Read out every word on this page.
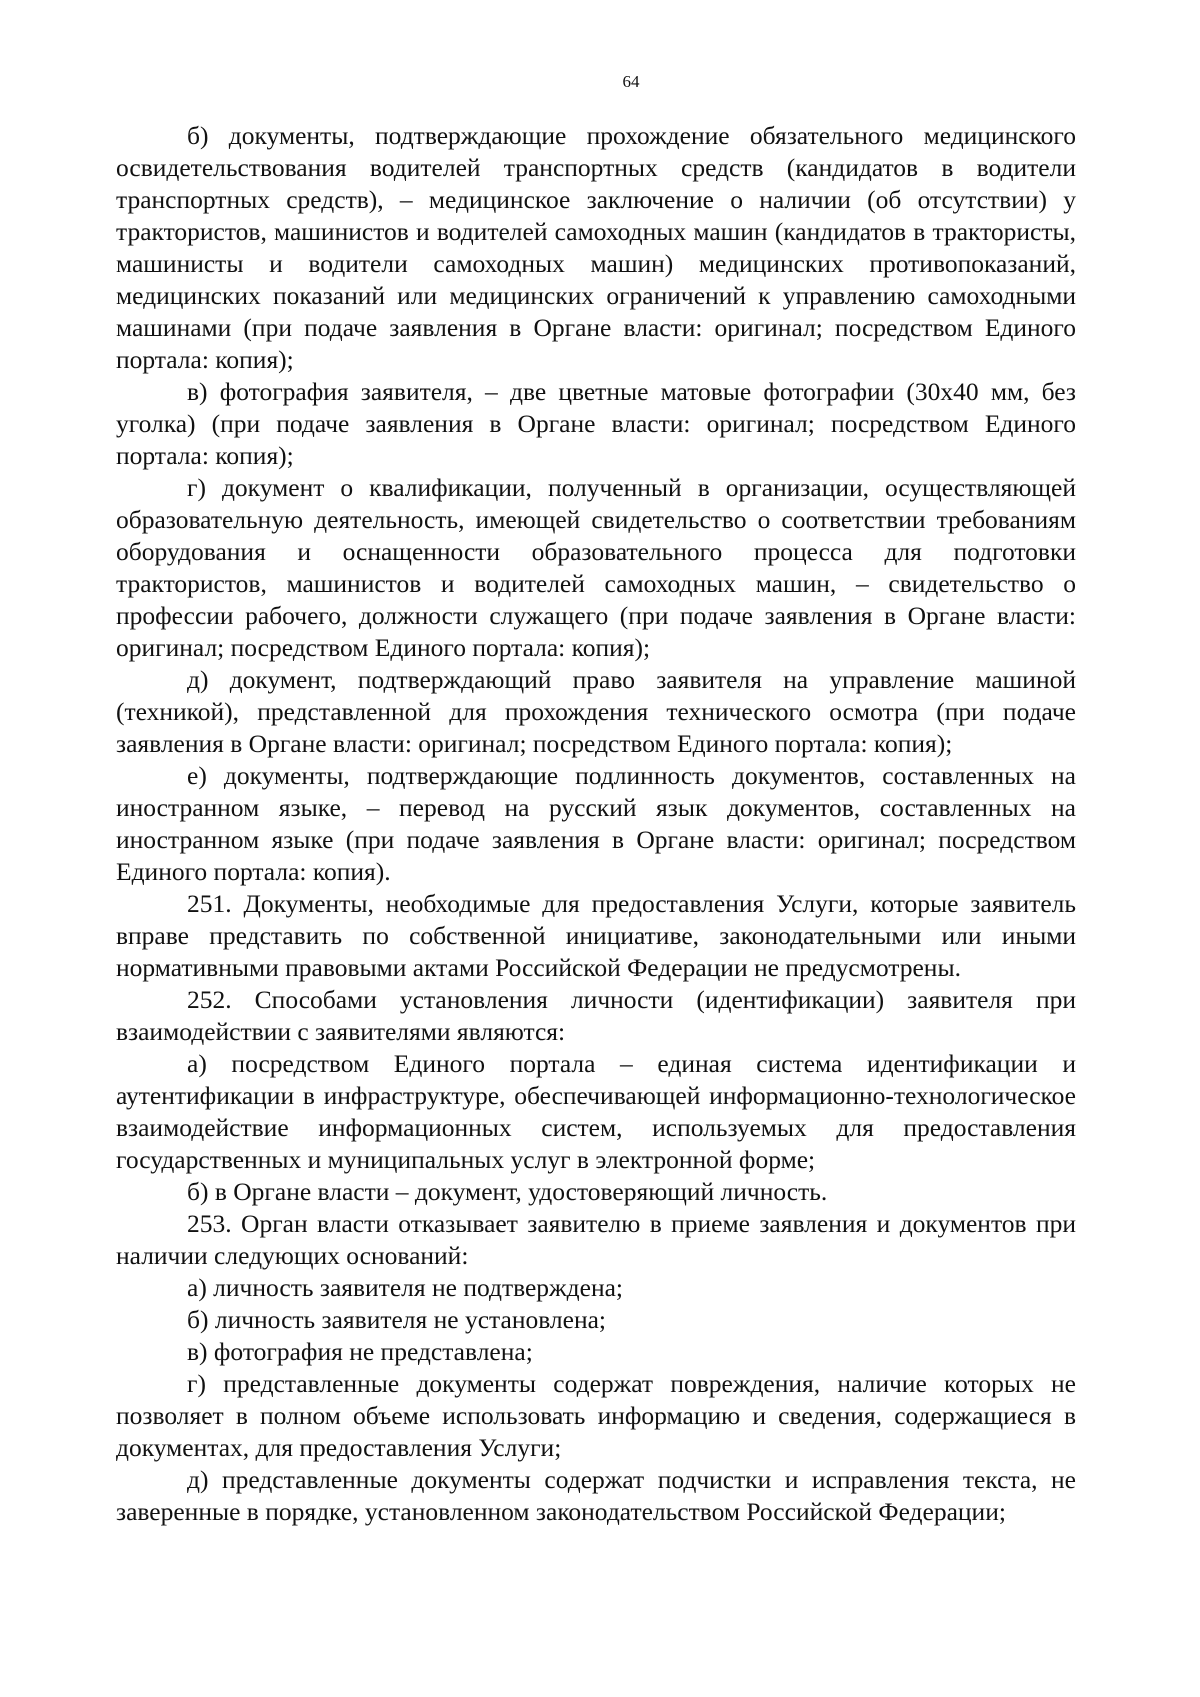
64

б) документы, подтверждающие прохождение обязательного медицинского освидетельствования водителей транспортных средств (кандидатов в водители транспортных средств), – медицинское заключение о наличии (об отсутствии) у трактористов, машинистов и водителей самоходных машин (кандидатов в трактористы, машинисты и водители самоходных машин) медицинских противопоказаний, медицинских показаний или медицинских ограничений к управлению самоходными машинами (при подаче заявления в Органе власти: оригинал; посредством Единого портала: копия);

в) фотография заявителя, – две цветные матовые фотографии (30x40 мм, без уголка) (при подаче заявления в Органе власти: оригинал; посредством Единого портала: копия);

г) документ о квалификации, полученный в организации, осуществляющей образовательную деятельность, имеющей свидетельство о соответствии требованиям оборудования и оснащенности образовательного процесса для подготовки трактористов, машинистов и водителей самоходных машин, – свидетельство о профессии рабочего, должности служащего (при подаче заявления в Органе власти: оригинал; посредством Единого портала: копия);

д) документ, подтверждающий право заявителя на управление машиной (техникой), представленной для прохождения технического осмотра (при подаче заявления в Органе власти: оригинал; посредством Единого портала: копия);

е) документы, подтверждающие подлинность документов, составленных на иностранном языке, – перевод на русский язык документов, составленных на иностранном языке (при подаче заявления в Органе власти: оригинал; посредством Единого портала: копия).

251. Документы, необходимые для предоставления Услуги, которые заявитель вправе представить по собственной инициативе, законодательными или иными нормативными правовыми актами Российской Федерации не предусмотрены.

252. Способами установления личности (идентификации) заявителя при взаимодействии с заявителями являются:

а) посредством Единого портала – единая система идентификации и аутентификации в инфраструктуре, обеспечивающей информационно-технологическое взаимодействие информационных систем, используемых для предоставления государственных и муниципальных услуг в электронной форме;

б) в Органе власти – документ, удостоверяющий личность.

253. Орган власти отказывает заявителю в приеме заявления и документов при наличии следующих оснований:

а) личность заявителя не подтверждена;

б) личность заявителя не установлена;

в) фотография не представлена;

г) представленные документы содержат повреждения, наличие которых не позволяет в полном объеме использовать информацию и сведения, содержащиеся в документах, для предоставления Услуги;

д) представленные документы содержат подчистки и исправления текста, не заверенные в порядке, установленном законодательством Российской Федерации;
